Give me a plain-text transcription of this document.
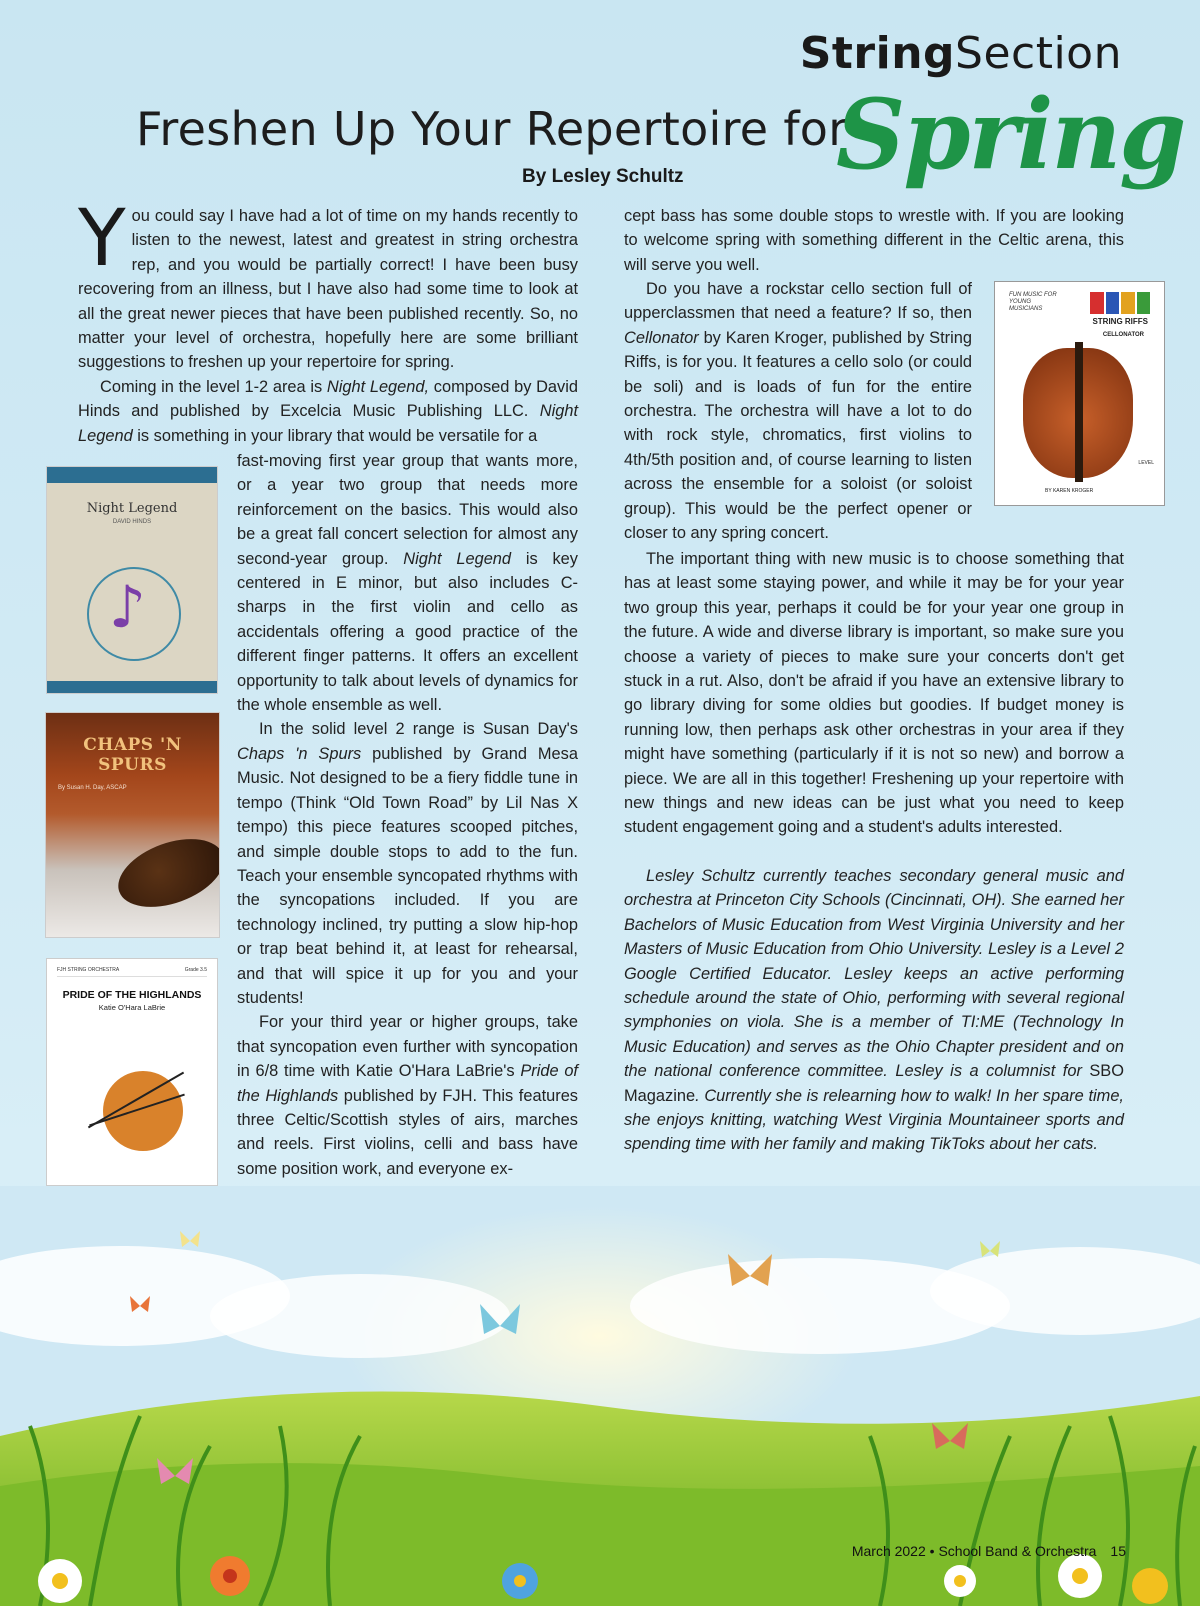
StringSection
Freshen Up Your Repertoire for
Spring
By Lesley Schultz

You could say I have had a lot of time on my hands recently to listen to the newest, latest and greatest in string orchestra rep, and you would be partially correct! I have been busy recovering from an illness, but I have also had some time to look at all the great newer pieces that have been published recently. So, no matter your level of orchestra, hopefully here are some brilliant suggestions to freshen up your repertoire for spring.

Coming in the level 1-2 area is Night Legend, composed by David Hinds and published by Excelcia Music Publishing LLC. Night Legend is something in your library that would be versatile for a

fast-moving first year group that wants more, or a year two group that needs more reinforcement on the basics. This would also be a great fall concert selection for almost any second-year group. Night Legend is key centered in E minor, but also includes C-sharps in the first violin and cello as accidentals offering a good practice of the different finger patterns. It offers an excellent opportunity to talk about levels of dynamics for the whole ensemble as well.

In the solid level 2 range is Susan Day's Chaps 'n Spurs published by Grand Mesa Music. Not designed to be a fiery fiddle tune in tempo (Think “Old Town Road” by Lil Nas X tempo) this piece features scooped pitches, and simple double stops to add to the fun. Teach your ensemble syncopated rhythms with the syncopations included. If you are technology inclined, try putting a slow hip-hop or trap beat behind it, at least for rehearsal, and that will spice it up for you and your students!

For your third year or higher groups, take that syncopation even further with syncopation in 6/8 time with Katie O'Hara LaBrie's Pride of the Highlands published by FJH. This features three Celtic/Scottish styles of airs, marches and reels. First violins, celli and bass have some position work, and everyone ex-

cept bass has some double stops to wrestle with. If you are looking to welcome spring with something different in the Celtic arena, this will serve you well.

Do you have a rockstar cello section full of upperclassmen that need a feature? If so, then Cellonator by Karen Kroger, published by String Riffs, is for you. It features a cello solo (or could be soli) and is loads of fun for the entire orchestra. The orchestra will have a lot to do with rock style, chromatics, first violins to 4th/5th position and, of course learning to listen across the ensemble for a soloist (or soloist group). This would be the perfect opener or closer to any spring concert.

The important thing with new music is to choose something that has at least some staying power, and while it may be for your year two group this year, perhaps it could be for your year one group in the future. A wide and diverse library is important, so make sure you choose a variety of pieces to make sure your concerts don't get stuck in a rut. Also, don't be afraid if you have an extensive library to go library diving for some oldies but goodies. If budget money is running low, then perhaps ask other orchestras in your area if they might have something (particularly if it is not so new) and borrow a piece. We are all in this together! Freshening up your repertoire with new things and new ideas can be just what you need to keep student engagement going and a student's adults interested.

Lesley Schultz currently teaches secondary general music and orchestra at Princeton City Schools (Cincinnati, OH). She earned her Bachelors of Music Education from West Virginia University and her Masters of Music Education from Ohio University. Lesley is a Level 2 Google Certified Educator. Lesley keeps an active performing schedule around the state of Ohio, performing with several regional symphonies on viola. She is a member of TI:ME (Technology In Music Education) and serves as the Ohio Chapter president and on the national conference committee. Lesley is a columnist for SBO Magazine. Currently she is relearning how to walk! In her spare time, she enjoys knitting, watching West Virginia Mountaineer sports and spending time with her family and making TikToks about her cats.

Night Legend
DAVID HINDS
♪
CHAPS 'N SPURS
By Susan H. Day, ASCAP
FJH STRING ORCHESTRA	Grade 3.5
PRIDE OF THE HIGHLANDS
Katie O'Hara LaBrie
FUN MUSIC FOR YOUNG MUSICIANS
STRING RIFFS
CELLONATOR
LEVEL
BY KAREN KROGER
March 2022 • School Band & Orchestra 15
